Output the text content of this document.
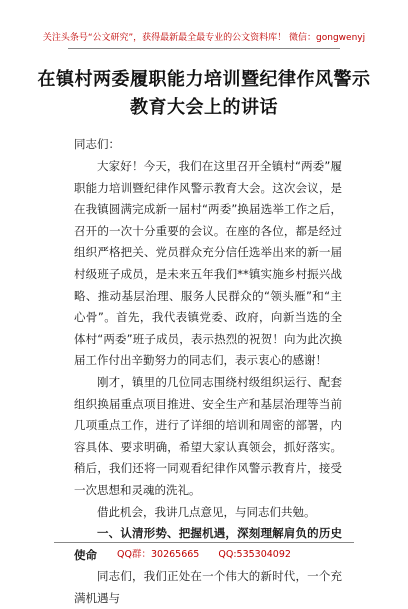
关注头条号“公文研究”，获得最新最全最专业的公文资料库！ 微信：gongwenyj
在镇村两委履职能力培训暨纪律作风警示
教育大会上的讲话
同志们：

大家好！今天，我们在这里召开全镇村“两委”履职能力培训暨纪律作风警示教育大会。这次会议，是在我镇圆满完成新一届村“两委”换届选举工作之后，召开的一次十分重要的会议。在座的各位，都是经过组织严格把关、党员群众充分信任选举出来的新一届村级班子成员，是未来五年我们**镇实施乡村振兴战略、推动基层治理、服务人民群众的“领头雁”和“主心骨”。首先，我代表镇党委、政府，向新当选的全体村“两委”班子成员，表示热烈的祝贺！向为此次换届工作付出辛勤努力的同志们，表示衷心的感谢！

刚才，镇里的几位同志围绕村级组织运行、配套组织换届重点项目推进、安全生产和基层治理等当前几项重点工作，进行了详细的培训和周密的部署，内容具体、要求明确，希望大家认真领会，抓好落实。稍后，我们还将一同观看纪律作风警示教育片，接受一次思想和灵魂的洗礼。

借此机会，我讲几点意见，与同志们共勉。

一、认清形势、把握机遇，深刻理解肩负的历史使命

同志们，我们正处在一个伟大的新时代，一个充满机遇与

QQ群：30265665 QQ:535304092
